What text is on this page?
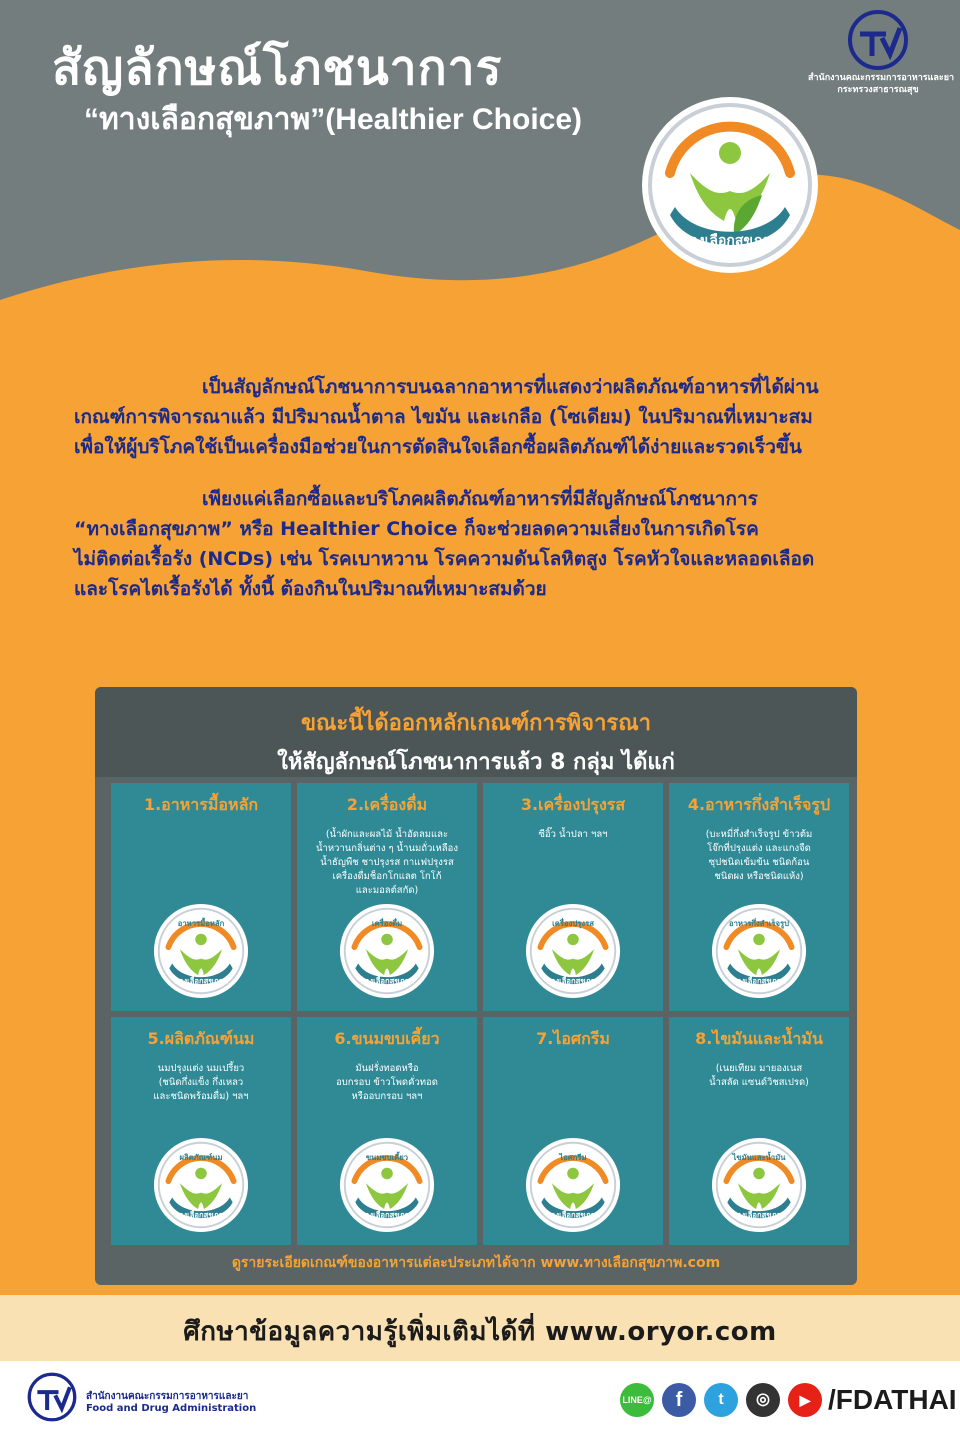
สัญลักษณ์โภชนาการ
“ทางเลือกสุขภาพ”(Healthier Choice)
สำนักงานคณะกรรมการอาหารและยา
กระทรวงสาธารณสุข
ทางเลือกสุขภาพ

เป็นสัญลักษณ์โภชนาการบนฉลากอาหารที่แสดงว่าผลิตภัณฑ์อาหารที่ได้ผ่าน
เกณฑ์การพิจารณาแล้ว มีปริมาณน้ำตาล ไขมัน และเกลือ (โซเดียม) ในปริมาณที่เหมาะสม
เพื่อให้ผู้บริโภคใช้เป็นเครื่องมือช่วยในการตัดสินใจเลือกซื้อผลิตภัณฑ์ได้ง่ายและรวดเร็วขึ้น

เพียงแค่เลือกซื้อและบริโภคผลิตภัณฑ์อาหารที่มีสัญลักษณ์โภชนาการ
“ทางเลือกสุขภาพ” หรือ Healthier Choice ก็จะช่วยลดความเสี่ยงในการเกิดโรค
ไม่ติดต่อเรื้อรัง (NCDs) เช่น โรคเบาหวาน โรคความดันโลหิตสูง โรคหัวใจและหลอดเลือด
และโรคไตเรื้อรังได้ ทั้งนี้ ต้องกินในปริมาณที่เหมาะสมด้วย

ขณะนี้ได้ออกหลักเกณฑ์การพิจารณา
ให้สัญลักษณ์โภชนาการแล้ว 8 กลุ่ม ได้แก่
1.อาหารมื้อหลัก
อาหารมื้อหลัก
ทางเลือกสุขภาพ
2.เครื่องดื่ม
(น้ำผักและผลไม้ น้ำอัดลมและ
น้ำหวานกลิ่นต่าง ๆ น้ำนมถั่วเหลือง
น้ำธัญพืช ชาปรุงรส กาแฟปรุงรส
เครื่องดื่มช็อกโกแลต โกโก้
และมอลต์สกัด)
เครื่องดื่ม
ทางเลือกสุขภาพ
3.เครื่องปรุงรส
ซีอิ๊ว น้ำปลา ฯลฯ
เครื่องปรุงรส
ทางเลือกสุขภาพ
4.อาหารกึ่งสำเร็จรูป
(บะหมี่กึ่งสำเร็จรูป ข้าวต้ม
โจ๊กที่ปรุงแต่ง และแกงจืด
ซุปชนิดเข้มข้น ชนิดก้อน
ชนิดผง หรือชนิดแห้ง)
อาหารกึ่งสำเร็จรูป
ทางเลือกสุขภาพ
5.ผลิตภัณฑ์นม
นมปรุงแต่ง นมเปรี้ยว
(ชนิดกึ่งแข็ง กึ่งเหลว
และชนิดพร้อมดื่ม) ฯลฯ
ผลิตภัณฑ์นม
ทางเลือกสุขภาพ
6.ขนมขบเคี้ยว
มันฝรั่งทอดหรือ
อบกรอบ ข้าวโพดคั่วทอด
หรืออบกรอบ ฯลฯ
ขนมขบเคี้ยว
ทางเลือกสุขภาพ
7.ไอศกรีม
ไอศกรีม
ทางเลือกสุขภาพ
8.ไขมันและน้ำมัน
(เนยเทียม มายองเนส
น้ำสลัด แซนด์วิชสเปรด)
ไขมันและน้ำมัน
ทางเลือกสุขภาพ
ดูรายระเอียดเกณฑ์ของอาหารแต่ละประเภทได้จาก www.ทางเลือกสุขภาพ.com
ศึกษาข้อมูลความรู้เพิ่มเติมได้ที่ www.oryor.com
สำนักงานคณะกรรมการอาหารและยา
Food and Drug Administration
LINE@	f	t	◎	▶ /FDATHAI
